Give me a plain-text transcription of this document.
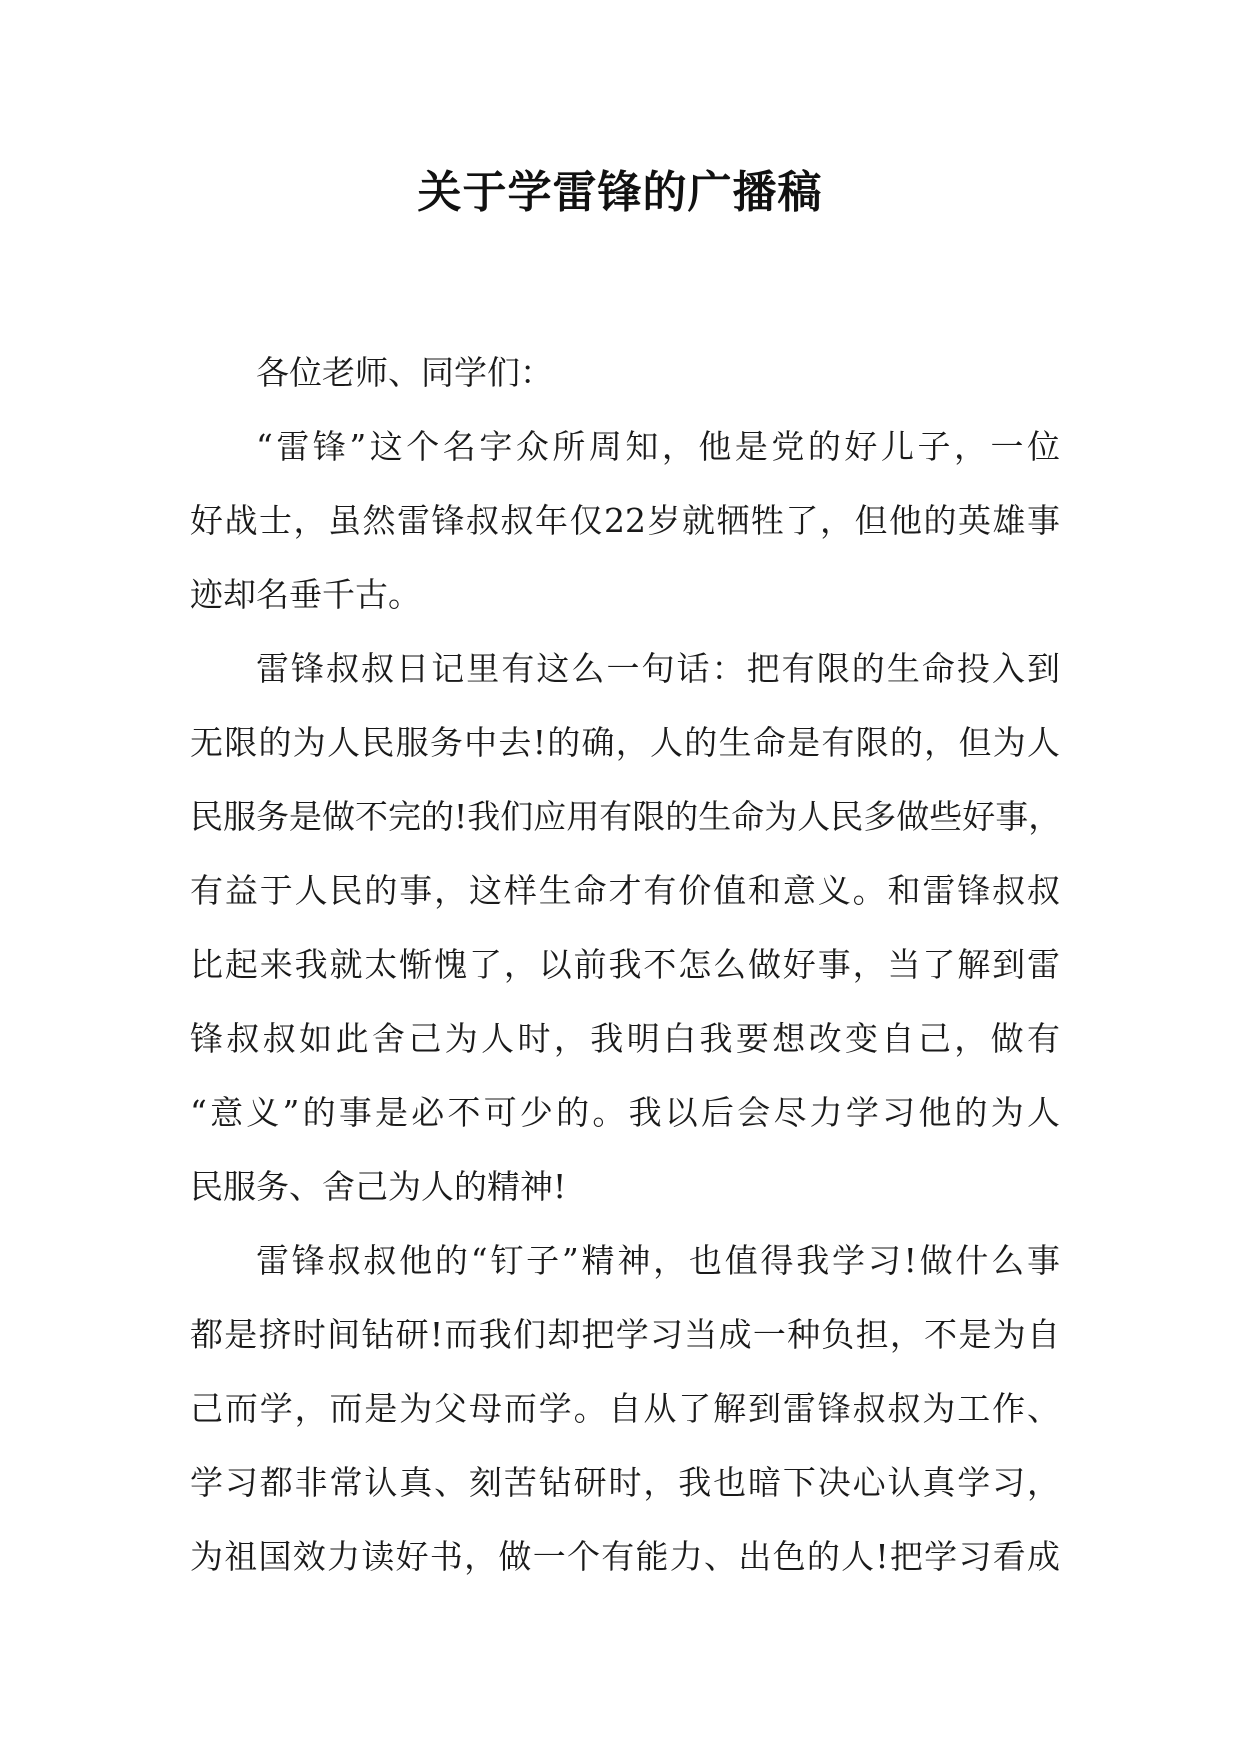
关于学雷锋的广播稿

各位老师、同学们：

“雷锋”这个名字众所周知，他是党的好儿子，一位

好战士，虽然雷锋叔叔年仅22岁就牺牲了，但他的英雄事

迹却名垂千古。

雷锋叔叔日记里有这么一句话：把有限的生命投入到

无限的为人民服务中去!的确，人的生命是有限的，但为人

民服务是做不完的!我们应用有限的生命为人民多做些好事，

有益于人民的事，这样生命才有价值和意义。和雷锋叔叔

比起来我就太惭愧了，以前我不怎么做好事，当了解到雷

锋叔叔如此舍己为人时，我明白我要想改变自己，做有

“意义”的事是必不可少的。我以后会尽力学习他的为人

民服务、舍己为人的精神!

雷锋叔叔他的“钉子”精神，也值得我学习!做什么事

都是挤时间钻研!而我们却把学习当成一种负担，不是为自

己而学，而是为父母而学。自从了解到雷锋叔叔为工作、

学习都非常认真、刻苦钻研时，我也暗下决心认真学习，

为祖国效力读好书，做一个有能力、出色的人!把学习看成
